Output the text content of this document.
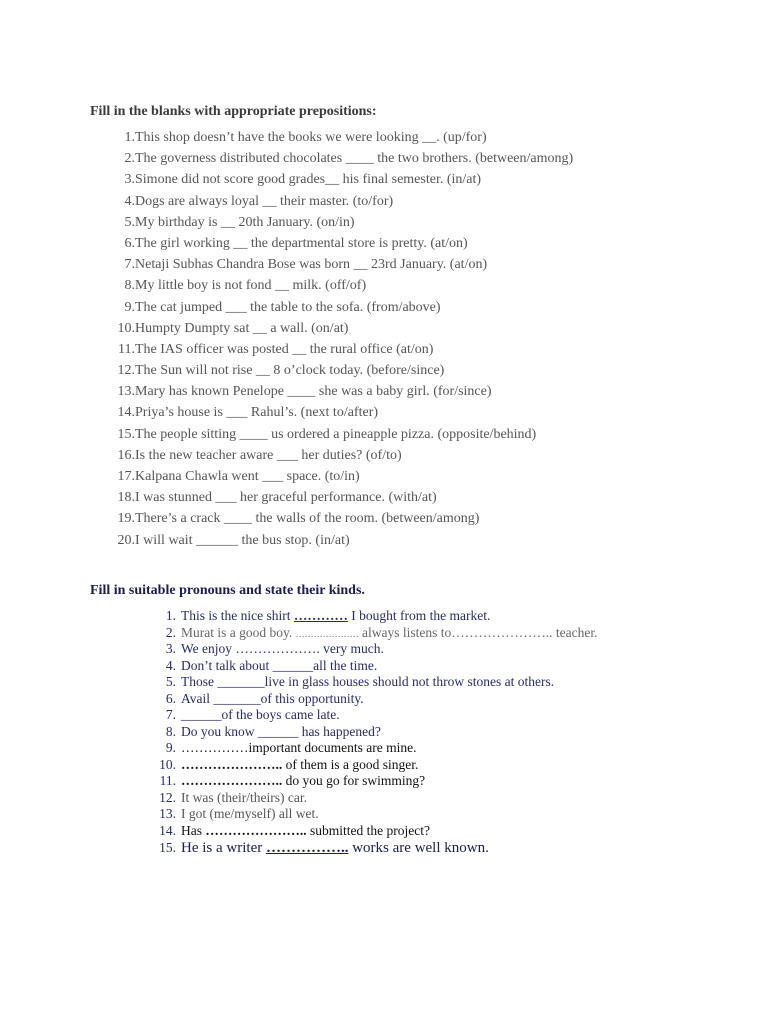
Fill in the blanks with appropriate prepositions:
1. This shop doesn’t have the books we were looking __. (up/for)
2. The governess distributed chocolates ____ the two brothers. (between/among)
3. Simone did not score good grades__ his final semester. (in/at)
4. Dogs are always loyal __ their master. (to/for)
5. My birthday is __ 20th January. (on/in)
6. The girl working __ the departmental store is pretty. (at/on)
7. Netaji Subhas Chandra Bose was born __ 23rd January. (at/on)
8. My little boy is not fond __ milk. (off/of)
9. The cat jumped ___ the table to the sofa. (from/above)
10. Humpty Dumpty sat __ a wall. (on/at)
11. The IAS officer was posted __ the rural office (at/on)
12. The Sun will not rise __ 8 o’clock today. (before/since)
13. Mary has known Penelope ____ she was a baby girl. (for/since)
14. Priya’s house is ___ Rahul’s. (next to/after)
15. The people sitting ____ us ordered a pineapple pizza. (opposite/behind)
16. Is the new teacher aware ___ her duties? (of/to)
17. Kalpana Chawla went ___ space. (to/in)
18. I was stunned ___ her graceful performance. (with/at)
19. There’s a crack ____ the walls of the room. (between/among)
20. I will wait ______ the bus stop. (in/at)
Fill in suitable pronouns and state their kinds.
1. This is the nice shirt ………… I bought from the market.
2. Murat is a good boy. ………………… always listens to………………….. teacher.
3. We enjoy ………………. very much.
4. Don’t talk about ______all the time.
5. Those _______live in glass houses should not throw stones at others.
6. Avail _______of this opportunity.
7. ______of the boys came late.
8. Do you know ______ has happened?
9. ……………important documents are mine.
10. ………………….. of them is a good singer.
11. ………………….. do you go for swimming?
12. It was (their/theirs) car.
13. I got (me/myself) all wet.
14. Has ………………….. submitted the project?
15. He is a writer …………….. works are well known.
